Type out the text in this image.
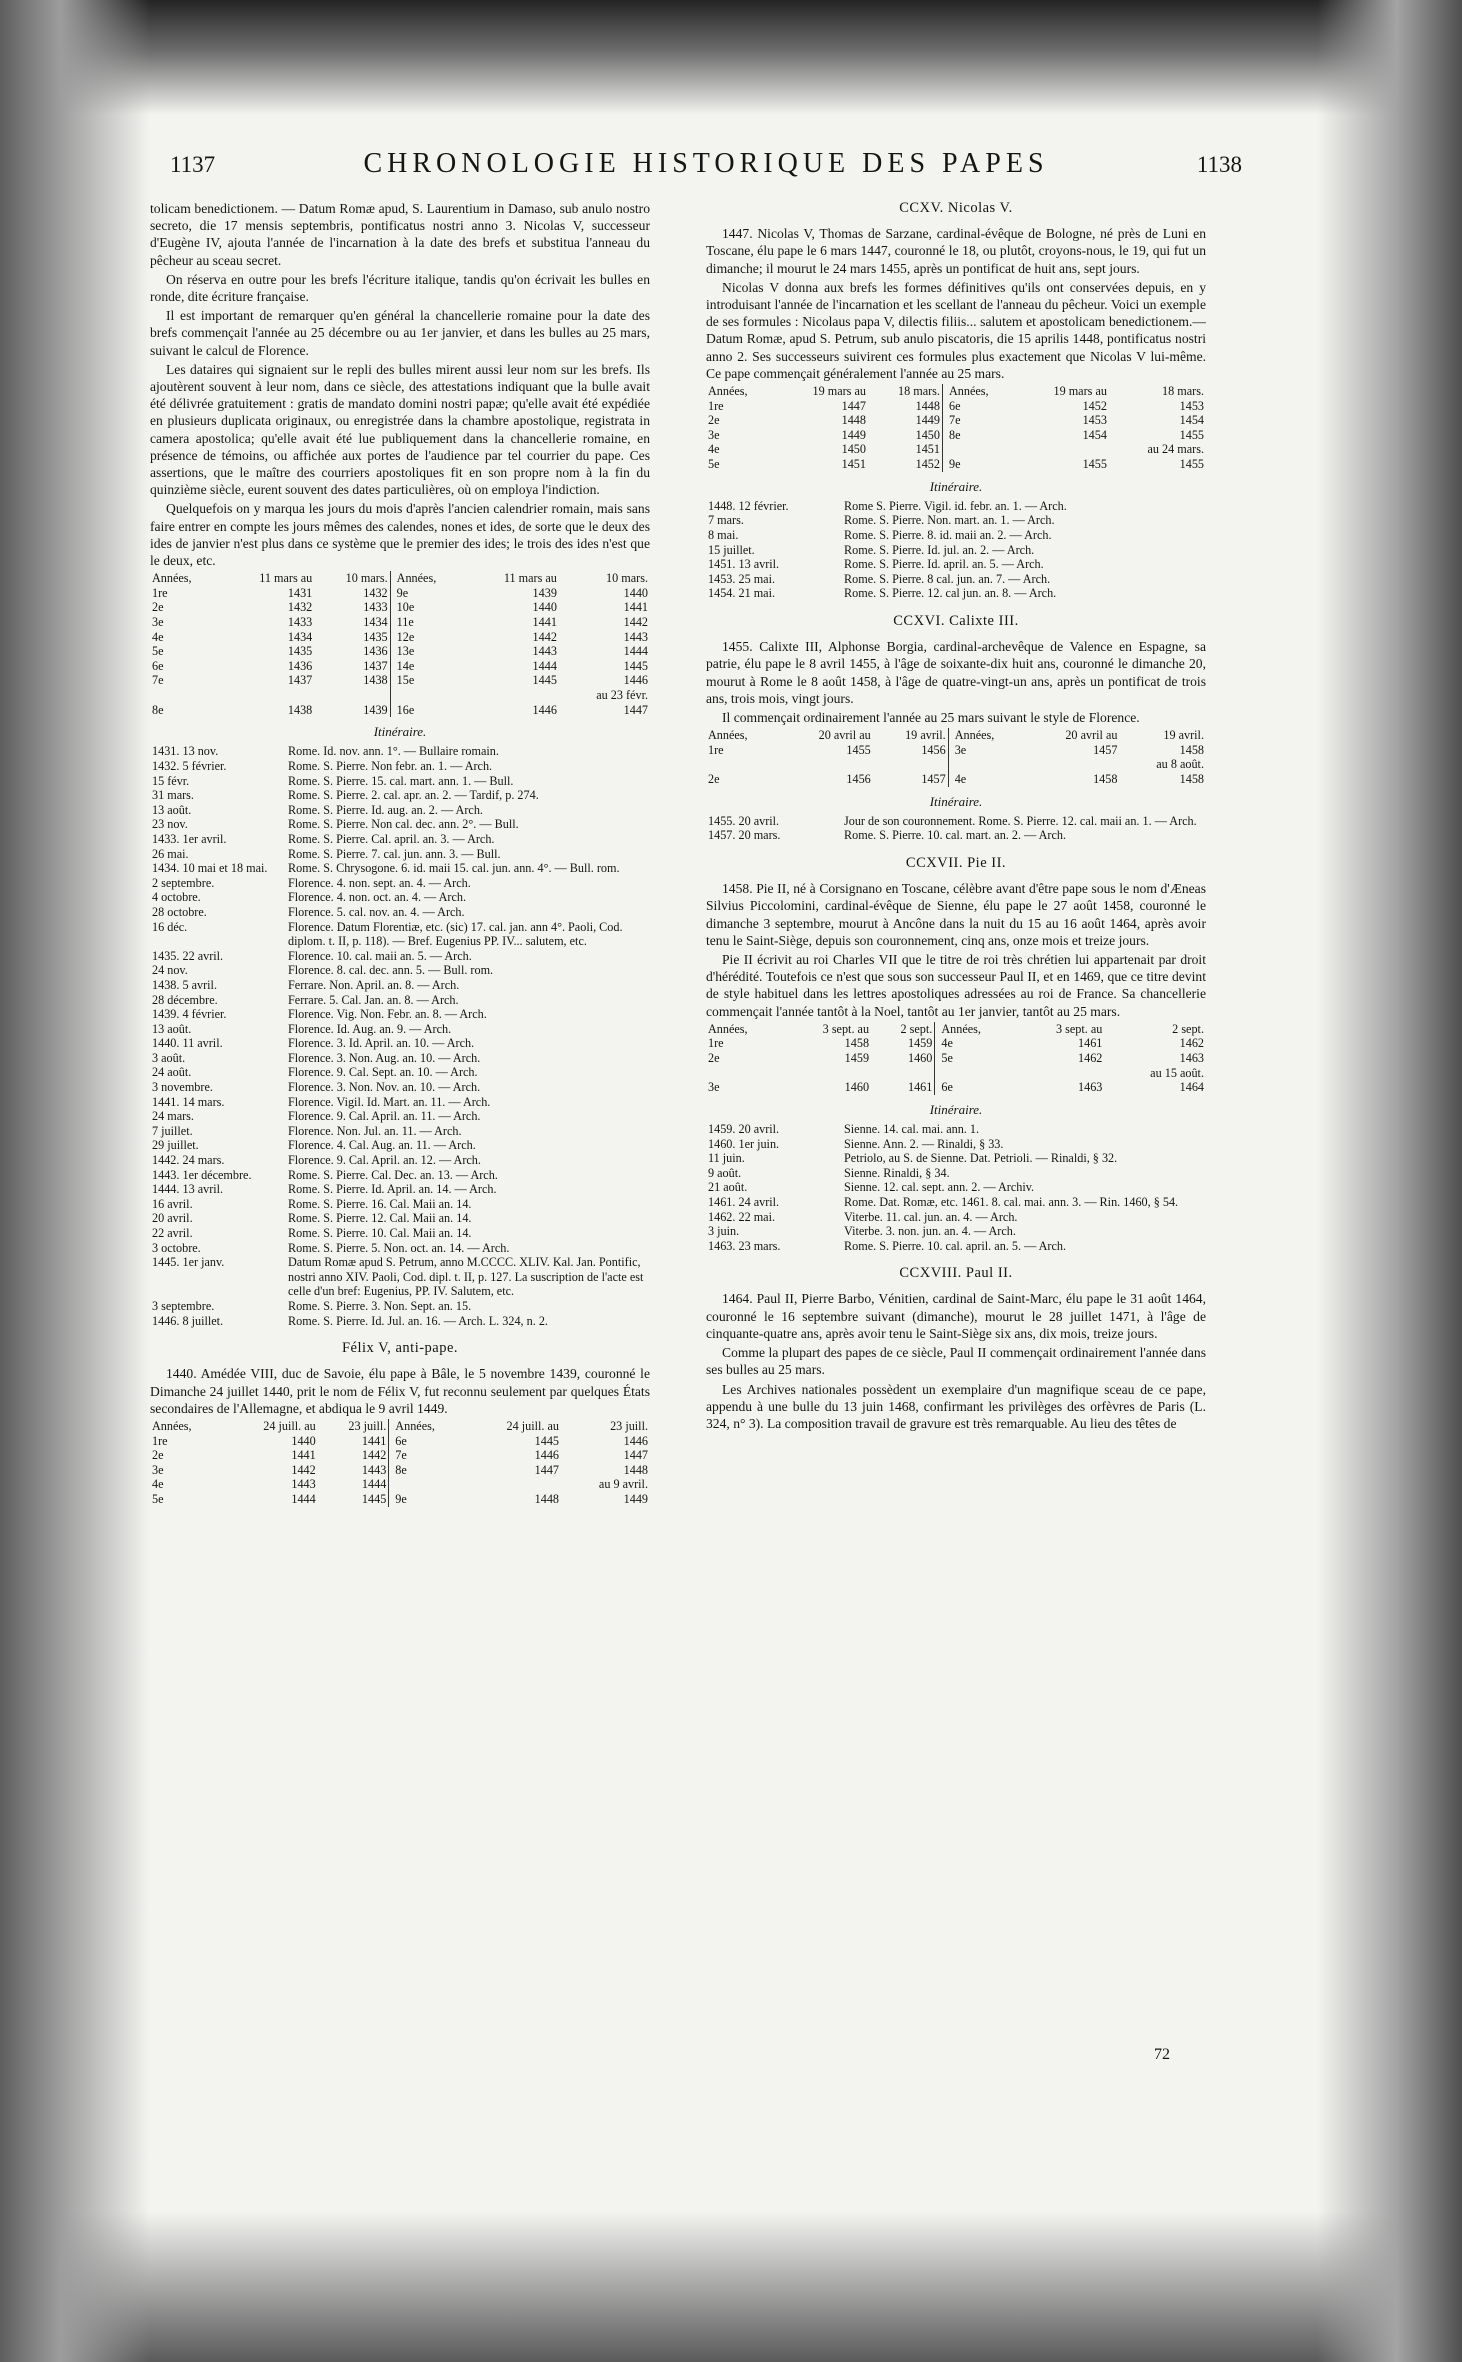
1137	CHRONOLOGIE HISTORIQUE DES PAPES	1138

tolicam benedictionem. — Datum Romæ apud, S. Laurentium in Damaso, sub anulo nostro secreto, die 17 mensis septembris, pontificatus nostri anno 3. Nicolas V, successeur d'Eugène IV, ajouta l'année de l'incarnation à la date des brefs et substitua l'anneau du pêcheur au sceau secret.

On réserva en outre pour les brefs l'écriture italique, tandis qu'on écrivait les bulles en ronde, dite écriture française.

Il est important de remarquer qu'en général la chancellerie romaine pour la date des brefs commençait l'année au 25 décembre ou au 1er janvier, et dans les bulles au 25 mars, suivant le calcul de Florence.

Les dataires qui signaient sur le repli des bulles mirent aussi leur nom sur les brefs. Ils ajoutèrent souvent à leur nom, dans ce siècle, des attestations indiquant que la bulle avait été délivrée gratuitement : gratis de mandato domini nostri papæ; qu'elle avait été expédiée en plusieurs duplicata originaux, ou enregistrée dans la chambre apostolique, registrata in camera apostolica; qu'elle avait été lue publiquement dans la chancellerie romaine, en présence de témoins, ou affichée aux portes de l'audience par tel courrier du pape. Ces assertions, que le maître des courriers apostoliques fit en son propre nom à la fin du quinzième siècle, eurent souvent des dates particulières, où on employa l'indiction.

Quelquefois on y marqua les jours du mois d'après l'ancien calendrier romain, mais sans faire entrer en compte les jours mêmes des calendes, nones et ides, de sorte que le deux des ides de janvier n'est plus dans ce système que le premier des ides; le trois des ides n'est que le deux, etc.

Années,	11 mars au	10 mars.		Années,	11 mars au	10 mars.
1re	1431	1432		9e	1439	1440
2e	1432	1433		10e	1440	1441
3e	1433	1434		11e	1441	1442
4e	1434	1435		12e	1442	1443
5e	1435	1436		13e	1443	1444
6e	1436	1437		14e	1444	1445
7e	1437	1438		15e	1445	1446
						au 23 févr.
8e	1438	1439		16e	1446	1447
Itinéraire.
1431. 13 nov.	Rome. Id. nov. ann. 1°. — Bullaire romain.
1432. 5 février.	Rome. S. Pierre. Non febr. an. 1. — Arch.
15 févr.	Rome. S. Pierre. 15. cal. mart. ann. 1. — Bull.
31 mars.	Rome. S. Pierre. 2. cal. apr. an. 2. — Tardif, p. 274.
13 août.	Rome. S. Pierre. Id. aug. an. 2. — Arch.
23 nov.	Rome. S. Pierre. Non cal. dec. ann. 2°. — Bull.
1433. 1er avril.	Rome. S. Pierre. Cal. april. an. 3. — Arch.
26 mai.	Rome. S. Pierre. 7. cal. jun. ann. 3. — Bull.
1434. 10 mai et 18 mai.	Rome. S. Chrysogone. 6. id. maii 15. cal. jun. ann. 4°. — Bull. rom.
2 septembre.	Florence. 4. non. sept. an. 4. — Arch.
4 octobre.	Florence. 4. non. oct. an. 4. — Arch.
28 octobre.	Florence. 5. cal. nov. an. 4. — Arch.
16 déc.	Florence. Datum Florentiæ, etc. (sic) 17. cal. jan. ann 4°. Paoli, Cod. diplom. t. II, p. 118). — Bref. Eugenius PP. IV... salutem, etc.
1435. 22 avril.	Florence. 10. cal. maii an. 5. — Arch.
24 nov.	Florence. 8. cal. dec. ann. 5. — Bull. rom.
1438. 5 avril.	Ferrare. Non. April. an. 8. — Arch.
28 décembre.	Ferrare. 5. Cal. Jan. an. 8. — Arch.
1439. 4 février.	Florence. Vig. Non. Febr. an. 8. — Arch.
13 août.	Florence. Id. Aug. an. 9. — Arch.
1440. 11 avril.	Florence. 3. Id. April. an. 10. — Arch.
3 août.	Florence. 3. Non. Aug. an. 10. — Arch.
24 août.	Florence. 9. Cal. Sept. an. 10. — Arch.
3 novembre.	Florence. 3. Non. Nov. an. 10. — Arch.
1441. 14 mars.	Florence. Vigil. Id. Mart. an. 11. — Arch.
24 mars.	Florence. 9. Cal. April. an. 11. — Arch.
7 juillet.	Florence. Non. Jul. an. 11. — Arch.
29 juillet.	Florence. 4. Cal. Aug. an. 11. — Arch.
1442. 24 mars.	Florence. 9. Cal. April. an. 12. — Arch.
1443. 1er décembre.	Rome. S. Pierre. Cal. Dec. an. 13. — Arch.
1444. 13 avril.	Rome. S. Pierre. Id. April. an. 14. — Arch.
16 avril.	Rome. S. Pierre. 16. Cal. Maii an. 14.
20 avril.	Rome. S. Pierre. 12. Cal. Maii an. 14.
22 avril.	Rome. S. Pierre. 10. Cal. Maii an. 14.
3 octobre.	Rome. S. Pierre. 5. Non. oct. an. 14. — Arch.
1445. 1er janv.	Datum Romæ apud S. Petrum, anno M.CCCC. XLIV. Kal. Jan. Pontific, nostri anno XIV. Paoli, Cod. dipl. t. II, p. 127. La suscription de l'acte est celle d'un bref: Eugenius, PP. IV. Salutem, etc.
3 septembre.	Rome. S. Pierre. 3. Non. Sept. an. 15.
1446. 8 juillet.	Rome. S. Pierre. Id. Jul. an. 16. — Arch. L. 324, n. 2.
Félix V, anti-pape.

1440. Amédée VIII, duc de Savoie, élu pape à Bâle, le 5 novembre 1439, couronné le Dimanche 24 juillet 1440, prit le nom de Félix V, fut reconnu seulement par quelques États secondaires de l'Allemagne, et abdiqua le 9 avril 1449.

Années,	24 juill. au	23 juill.		Années,	24 juill. au	23 juill.
1re	1440	1441		6e	1445	1446
2e	1441	1442		7e	1446	1447
3e	1442	1443		8e	1447	1448
4e	1443	1444				au 9 avril.
5e	1444	1445		9e	1448	1449
CCXV. Nicolas V.

1447. Nicolas V, Thomas de Sarzane, cardinal-évêque de Bologne, né près de Luni en Toscane, élu pape le 6 mars 1447, couronné le 18, ou plutôt, croyons-nous, le 19, qui fut un dimanche; il mourut le 24 mars 1455, après un pontificat de huit ans, sept jours.

Nicolas V donna aux brefs les formes définitives qu'ils ont conservées depuis, en y introduisant l'année de l'incarnation et les scellant de l'anneau du pêcheur. Voici un exemple de ses formules : Nicolaus papa V, dilectis filiis... salutem et apostolicam benedictionem.— Datum Romæ, apud S. Petrum, sub anulo piscatoris, die 15 aprilis 1448, pontificatus nostri anno 2. Ses successeurs suivirent ces formules plus exactement que Nicolas V lui-même. Ce pape commençait généralement l'année au 25 mars.

Années,	19 mars au	18 mars.		Années,	19 mars au	18 mars.
1re	1447	1448		6e	1452	1453
2e	1448	1449		7e	1453	1454
3e	1449	1450		8e	1454	1455
4e	1450	1451				au 24 mars.
5e	1451	1452		9e	1455	1455
Itinéraire.
1448. 12 février.	Rome S. Pierre. Vigil. id. febr. an. 1. — Arch.
7 mars.	Rome. S. Pierre. Non. mart. an. 1. — Arch.
8 mai.	Rome. S. Pierre. 8. id. maii an. 2. — Arch.
15 juillet.	Rome. S. Pierre. Id. jul. an. 2. — Arch.
1451. 13 avril.	Rome. S. Pierre. Id. april. an. 5. — Arch.
1453. 25 mai.	Rome. S. Pierre. 8 cal. jun. an. 7. — Arch.
1454. 21 mai.	Rome. S. Pierre. 12. cal jun. an. 8. — Arch.
CCXVI. Calixte III.

1455. Calixte III, Alphonse Borgia, cardinal-archevêque de Valence en Espagne, sa patrie, élu pape le 8 avril 1455, à l'âge de soixante-dix huit ans, couronné le dimanche 20, mourut à Rome le 8 août 1458, à l'âge de quatre-vingt-un ans, après un pontificat de trois ans, trois mois, vingt jours.

Il commençait ordinairement l'année au 25 mars suivant le style de Florence.

Années,	20 avril au	19 avril.		Années,	20 avril au	19 avril.
1re	1455	1456		3e	1457	1458
						au 8 août.
2e	1456	1457		4e	1458	1458
Itinéraire.
1455. 20 avril.	Jour de son couronnement. Rome. S. Pierre. 12. cal. maii an. 1. — Arch.
1457. 20 mars.	Rome. S. Pierre. 10. cal. mart. an. 2. — Arch.
CCXVII. Pie II.

1458. Pie II, né à Corsignano en Toscane, célèbre avant d'être pape sous le nom d'Æneas Silvius Piccolomini, cardinal-évêque de Sienne, élu pape le 27 août 1458, couronné le dimanche 3 septembre, mourut à Ancône dans la nuit du 15 au 16 août 1464, après avoir tenu le Saint-Siège, depuis son couronnement, cinq ans, onze mois et treize jours.

Pie II écrivit au roi Charles VII que le titre de roi très chrétien lui appartenait par droit d'hérédité. Toutefois ce n'est que sous son successeur Paul II, et en 1469, que ce titre devint de style habituel dans les lettres apostoliques adressées au roi de France. Sa chancellerie commençait l'année tantôt à la Noel, tantôt au 1er janvier, tantôt au 25 mars.

Années,	3 sept. au	2 sept.		Années,	3 sept. au	2 sept.
1re	1458	1459		4e	1461	1462
2e	1459	1460		5e	1462	1463
						au 15 août.
3e	1460	1461		6e	1463	1464
Itinéraire.
1459. 20 avril.	Sienne. 14. cal. mai. ann. 1.
1460. 1er juin.	Sienne. Ann. 2. — Rinaldi, § 33.
11 juin.	Petriolo, au S. de Sienne. Dat. Petrioli. — Rinaldi, § 32.
9 août.	Sienne. Rinaldi, § 34.
21 août.	Sienne. 12. cal. sept. ann. 2. — Archiv.
1461. 24 avril.	Rome. Dat. Romæ, etc. 1461. 8. cal. mai. ann. 3. — Rin. 1460, § 54.
1462. 22 mai.	Viterbe. 11. cal. jun. an. 4. — Arch.
3 juin.	Viterbe. 3. non. jun. an. 4. — Arch.
1463. 23 mars.	Rome. S. Pierre. 10. cal. april. an. 5. — Arch.
CCXVIII. Paul II.

1464. Paul II, Pierre Barbo, Vénitien, cardinal de Saint-Marc, élu pape le 31 août 1464, couronné le 16 septembre suivant (dimanche), mourut le 28 juillet 1471, à l'âge de cinquante-quatre ans, après avoir tenu le Saint-Siège six ans, dix mois, treize jours.

Comme la plupart des papes de ce siècle, Paul II commençait ordinairement l'année dans ses bulles au 25 mars.

Les Archives nationales possèdent un exemplaire d'un magnifique sceau de ce pape, appendu à une bulle du 13 juin 1468, confirmant les privilèges des orfèvres de Paris (L. 324, n° 3). La composition travail de gravure est très remarquable. Au lieu des têtes de

72
